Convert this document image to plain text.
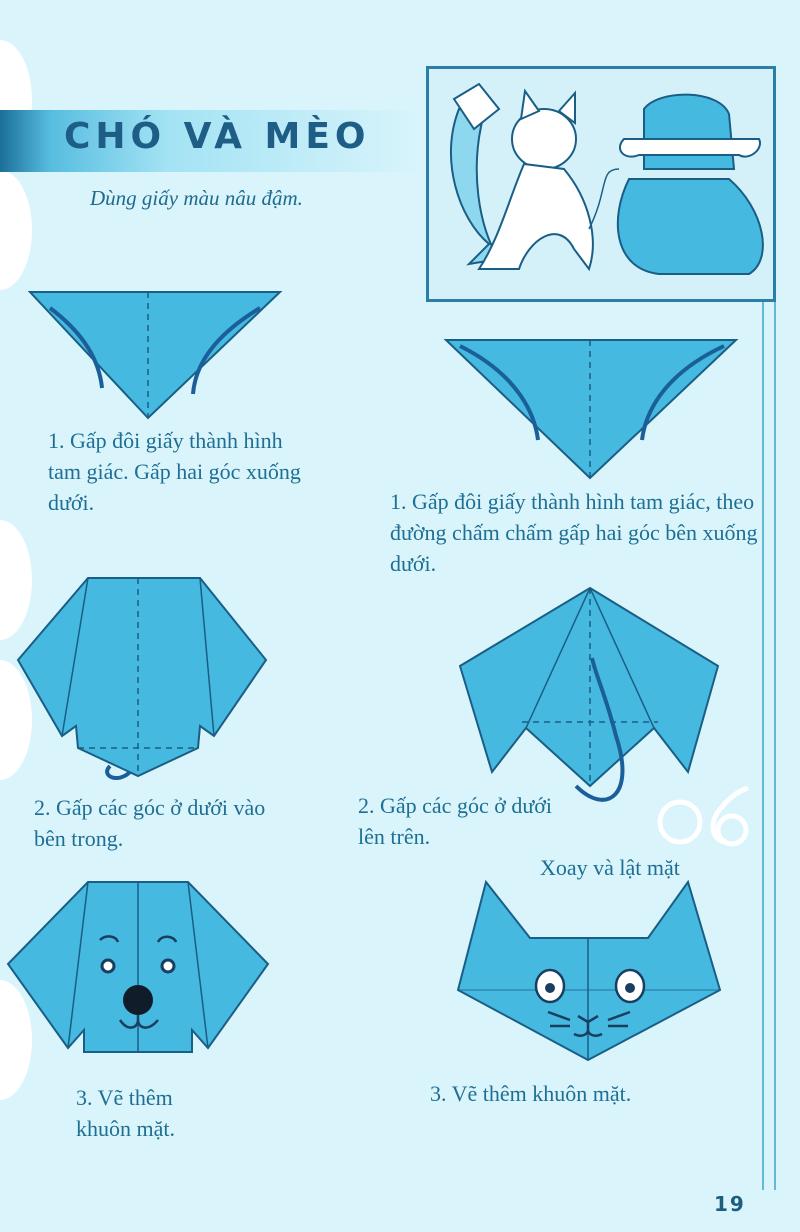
CHÓ VÀ MÈO
Dùng giấy màu nâu đậm.
1. Gấp đôi giấy thành hình tam giác. Gấp hai góc xuống dưới.	1. Gấp đôi giấy thành hình tam giác, theo đường chấm chấm gấp hai góc bên xuống dưới.
2. Gấp các góc ở dưới vào bên trong.
2. Gấp các góc ở dưới lên trên.
Xoay và lật mặt
3. Vẽ thêm khuôn mặt.
3. Vẽ thêm khuôn mặt.
19
